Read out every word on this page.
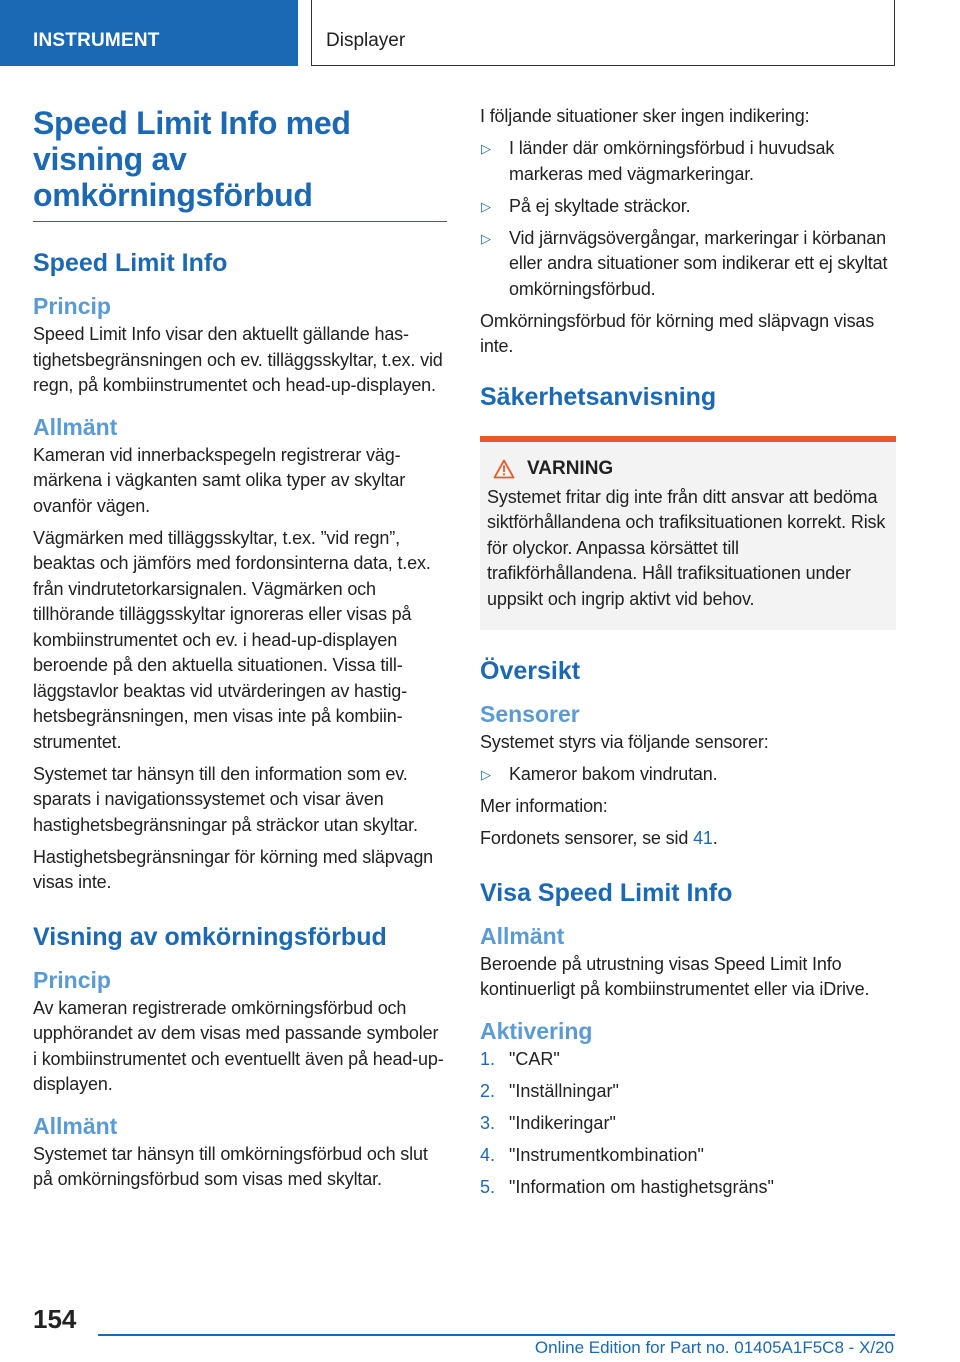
INSTRUMENT	Displayer
Speed Limit Info med visning av omkörningsförbud
Speed Limit Info
Princip

Speed Limit Info visar den aktuellt gällande hastighetsbegränsningen och ev. tilläggsskyltar, t.ex. vid regn, på kombiinstrumentet och head-up-displayen.

Allmänt

Kameran vid innerbackspegeln registrerar vägmärkena i vägkanten samt olika typer av skyltar ovanför vägen.

Vägmärken med tilläggsskyltar, t.ex. ”vid regn”, beaktas och jämförs med fordonsinterna data, t.ex. från vindrutetorkarsignalen. Vägmärken och tillhörande tilläggsskyltar ignoreras eller visas på kombiinstrumentet och ev. i head-up-displayen beroende på den aktuella situationen. Vissa tillläggstavlor beaktas vid utvärderingen av hastighetsbegränsningen, men visas inte på kombiinstrumentet.

Systemet tar hänsyn till den information som ev. sparats i navigationssystemet och visar även hastighetsbegränsningar på sträckor utan skyltar.

Hastighetsbegränsningar för körning med släpvagn visas inte.

Visning av omkörningsförbud
Princip

Av kameran registrerade omkörningsförbud och upphörandet av dem visas med passande symboler i kombiinstrumentet och eventuellt även på head-up-displayen.

Allmänt

Systemet tar hänsyn till omkörningsförbud och slut på omkörningsförbud som visas med skyltar.

I följande situationer sker ingen indikering:

▷ I länder där omkörningsförbud i huvudsak markeras med vägmarkeringar.
▷ På ej skyltade sträckor.
▷ Vid järnvägsövergångar, markeringar i körbanan eller andra situationer som indikerar ett ej skyltat omkörningsförbud.

Omkörningsförbud för körning med släpvagn visas inte.

Säkerhetsanvisning
VARNING

Systemet fritar dig inte från ditt ansvar att bedöma siktförhållandena och trafiksituationen korrekt. Risk för olyckor. Anpassa körsättet till trafikförhållandena. Håll trafiksituationen under uppsikt och ingrip aktivt vid behov.

Översikt
Sensorer

Systemet styrs via följande sensorer:

▷ Kameror bakom vindrutan.

Mer information:

Fordonets sensorer, se sid 41.

Visa Speed Limit Info
Allmänt

Beroende på utrustning visas Speed Limit Info kontinuerligt på kombiinstrumentet eller via iDrive.

Aktivering
1. "CAR"
2. "Inställningar"
3. "Indikeringar"
4. "Instrumentkombination"
5. "Information om hastighetsgräns"
154
Online Edition for Part no. 01405A1F5C8 - X/20
